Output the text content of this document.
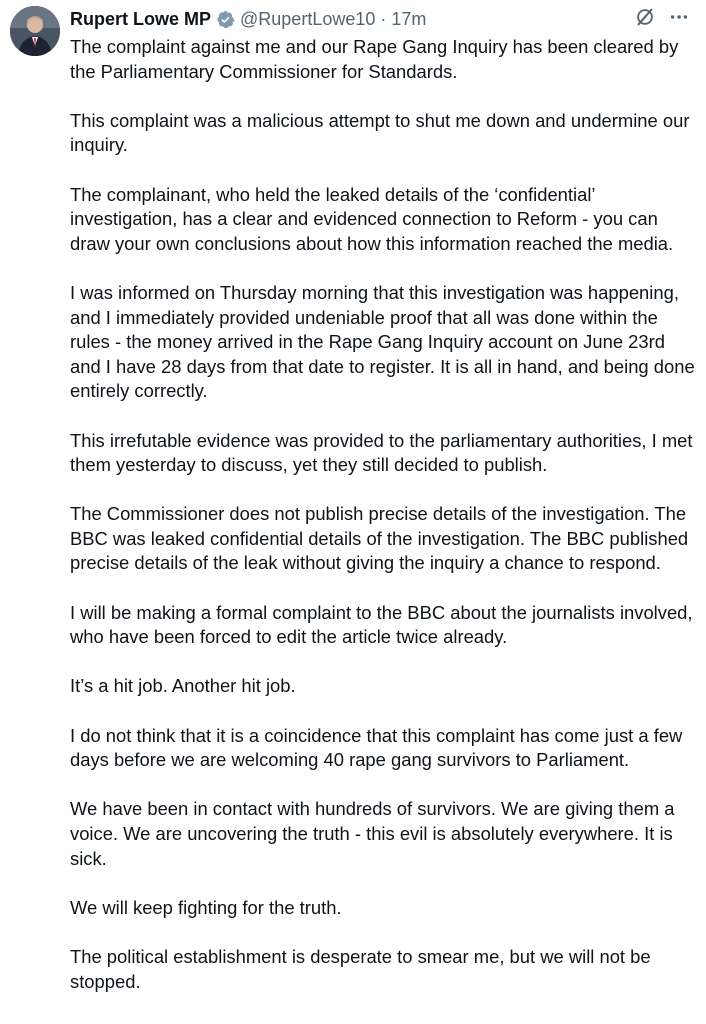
Rupert Lowe MP @RupertLowe10 · 17m

The complaint against me and our Rape Gang Inquiry has been cleared by the Parliamentary Commissioner for Standards.

This complaint was a malicious attempt to shut me down and undermine our inquiry.

The complainant, who held the leaked details of the ‘confidential’ investigation, has a clear and evidenced connection to Reform - you can draw your own conclusions about how this information reached the media.

I was informed on Thursday morning that this investigation was happening, and I immediately provided undeniable proof that all was done within the rules - the money arrived in the Rape Gang Inquiry account on June 23rd and I have 28 days from that date to register. It is all in hand, and being done entirely correctly.

This irrefutable evidence was provided to the parliamentary authorities, I met them yesterday to discuss, yet they still decided to publish.

The Commissioner does not publish precise details of the investigation. The BBC was leaked confidential details of the investigation. The BBC published precise details of the leak without giving the inquiry a chance to respond.

I will be making a formal complaint to the BBC about the journalists involved, who have been forced to edit the article twice already.

It’s a hit job. Another hit job.

I do not think that it is a coincidence that this complaint has come just a few days before we are welcoming 40 rape gang survivors to Parliament.

We have been in contact with hundreds of survivors. We are giving them a voice. We are uncovering the truth - this evil is absolutely everywhere. It is sick.

We will keep fighting for the truth.

The political establishment is desperate to smear me, but we will not be stopped.
